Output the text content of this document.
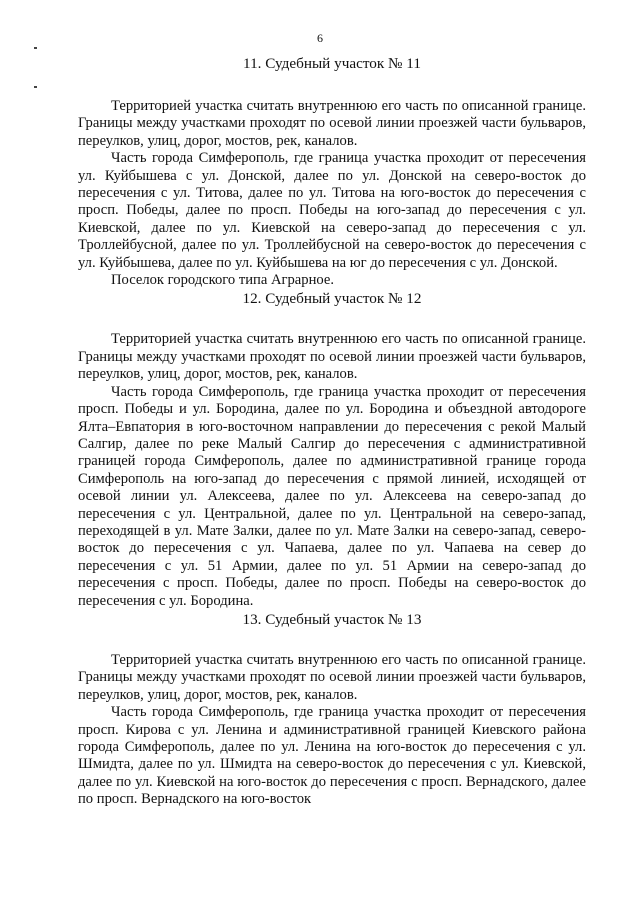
6
11. Судебный участок № 11

Территорией участка считать внутреннюю его часть по описанной границе. Границы между участками проходят по осевой линии проезжей части бульваров, переулков, улиц, дорог, мостов, рек, каналов.

Часть города Симферополь, где граница участка проходит от пересечения ул. Куйбышева с ул. Донской, далее по ул. Донской на северо-восток до пересечения с ул. Титова, далее по ул. Титова на юго-восток до пересечения с просп. Победы, далее по просп. Победы на юго-запад до пересечения с ул. Киевской, далее по ул. Киевской на северо-запад до пересечения с ул. Троллейбусной, далее по ул. Троллейбусной на северо-восток до пересечения с ул. Куйбышева, далее по ул. Куйбышева на юг до пересечения с ул. Донской.

Поселок городского типа Аграрное.

12. Судебный участок № 12

Территорией участка считать внутреннюю его часть по описанной границе. Границы между участками проходят по осевой линии проезжей части бульваров, переулков, улиц, дорог, мостов, рек, каналов.

Часть города Симферополь, где граница участка проходит от пересечения просп. Победы и ул. Бородина, далее по ул. Бородина и объездной автодороге Ялта–Евпатория в юго-восточном направлении до пересечения с рекой Малый Салгир, далее по реке Малый Салгир до пересечения с административной границей города Симферополь, далее по административной границе города Симферополь на юго-запад до пересечения с прямой линией, исходящей от осевой линии ул. Алексеева, далее по ул. Алексеева на северо-запад до пересечения с ул. Центральной, далее по ул. Центральной на северо-запад, переходящей в ул. Мате Залки, далее по ул. Мате Залки на северо-запад, северо-восток до пересечения с ул. Чапаева, далее по ул. Чапаева на север до пересечения с ул. 51 Армии, далее по ул. 51 Армии на северо-запад до пересечения с просп. Победы, далее по просп. Победы на северо-восток до пересечения с ул. Бородина.

13. Судебный участок № 13

Территорией участка считать внутреннюю его часть по описанной границе. Границы между участками проходят по осевой линии проезжей части бульваров, переулков, улиц, дорог, мостов, рек, каналов.

Часть города Симферополь, где граница участка проходит от пересечения просп. Кирова с ул. Ленина и административной границей Киевского района города Симферополь, далее по ул. Ленина на юго-восток до пересечения с ул. Шмидта, далее по ул. Шмидта на северо-восток до пересечения с ул. Киевской, далее по ул. Киевской на юго-восток до пересечения с просп. Вернадского, далее по просп. Вернадского на юго-восток
